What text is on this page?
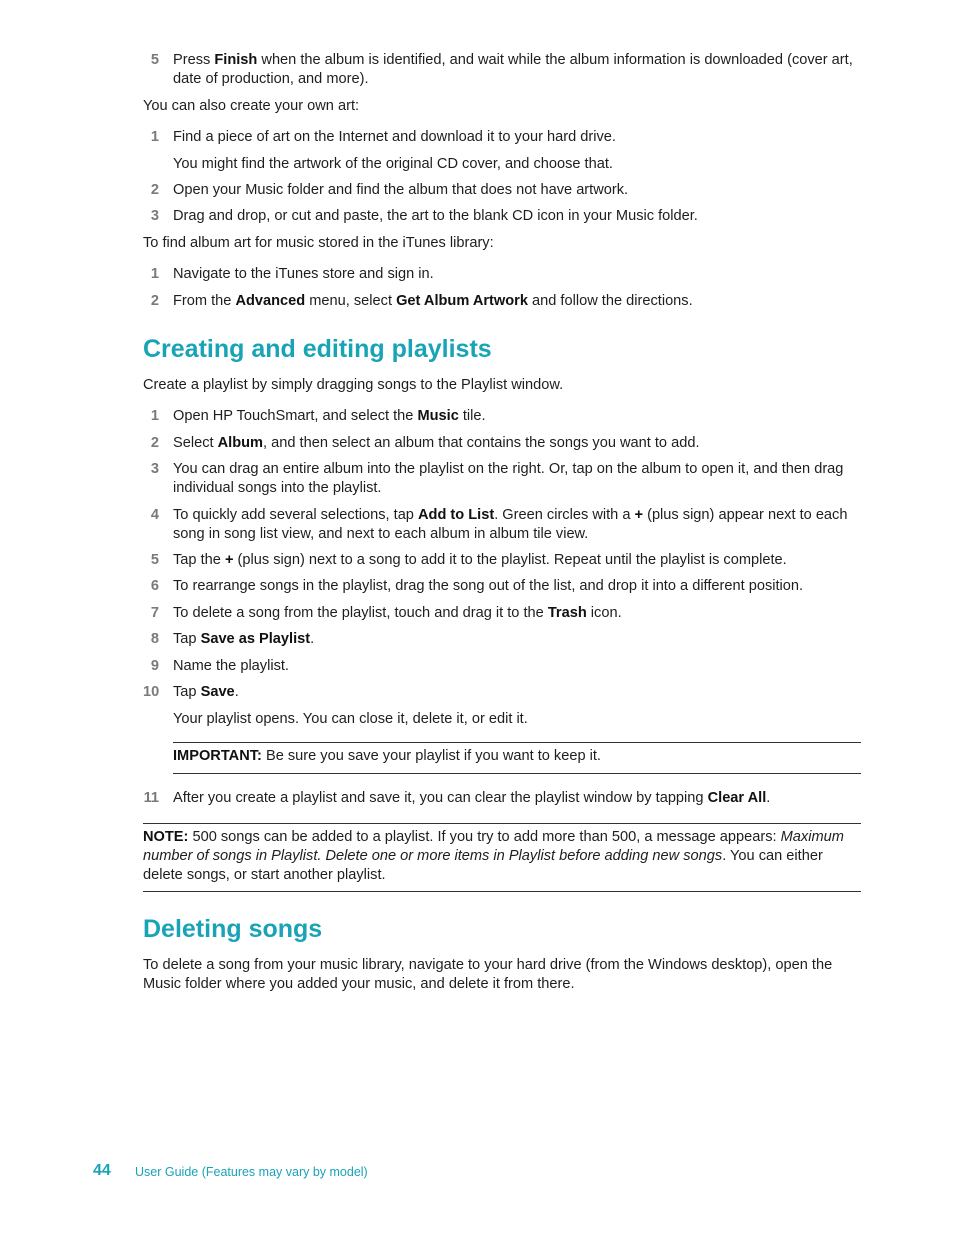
5 Press Finish when the album is identified, and wait while the album information is downloaded (cover art, date of production, and more).

You can also create your own art:

1 Find a piece of art on the Internet and download it to your hard drive.

You might find the artwork of the original CD cover, and choose that.

2 Open your Music folder and find the album that does not have artwork.
3 Drag and drop, or cut and paste, the art to the blank CD icon in your Music folder.

To find album art for music stored in the iTunes library:

1 Navigate to the iTunes store and sign in.
2 From the Advanced menu, select Get Album Artwork and follow the directions.
Creating and editing playlists

Create a playlist by simply dragging songs to the Playlist window.

1 Open HP TouchSmart, and select the Music tile.
2 Select Album, and then select an album that contains the songs you want to add.
3 You can drag an entire album into the playlist on the right. Or, tap on the album to open it, and then drag individual songs into the playlist.
4 To quickly add several selections, tap Add to List. Green circles with a + (plus sign) appear next to each song in song list view, and next to each album in album tile view.
5 Tap the + (plus sign) next to a song to add it to the playlist. Repeat until the playlist is complete.
6 To rearrange songs in the playlist, drag the song out of the list, and drop it into a different position.
7 To delete a song from the playlist, touch and drag it to the Trash icon.
8 Tap Save as Playlist.
9 Name the playlist.
10 Tap Save.

Your playlist opens. You can close it, delete it, or edit it.

IMPORTANT: Be sure you save your playlist if you want to keep it.

11 After you create a playlist and save it, you can clear the playlist window by tapping Clear All.

NOTE: 500 songs can be added to a playlist. If you try to add more than 500, a message appears: Maximum number of songs in Playlist. Delete one or more items in Playlist before adding new songs. You can either delete songs, or start another playlist.

Deleting songs

To delete a song from your music library, navigate to your hard drive (from the Windows desktop), open the Music folder where you added your music, and delete it from there.

44 User Guide (Features may vary by model)
